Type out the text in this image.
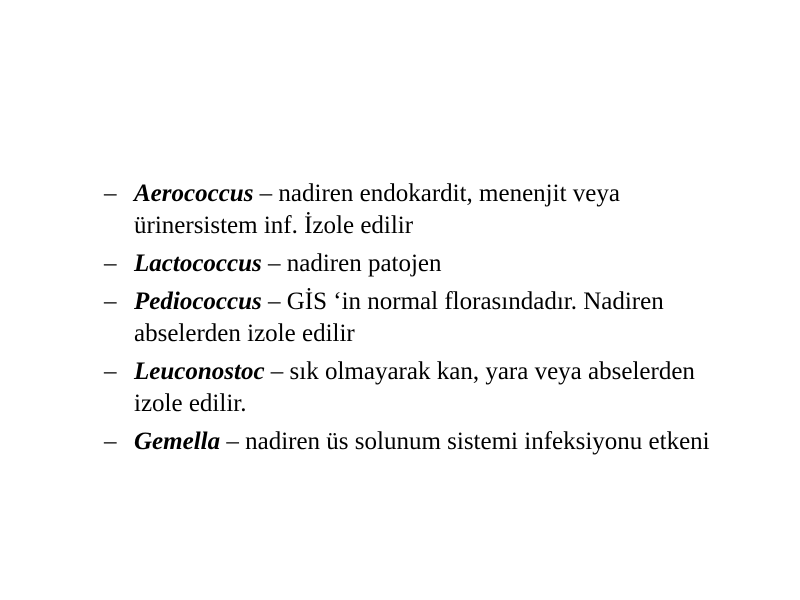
– Aerococcus – nadiren endokardit, menenjit veya ürinersistem inf. İzole edilir
– Lactococcus – nadiren patojen
– Pediococcus – GİS ‘in normal florasındadır. Nadiren abselerden izole edilir
– Leuconostoc – sık olmayarak kan, yara veya abselerden izole edilir.
– Gemella – nadiren üs solunum sistemi infeksiyonu etkeni
